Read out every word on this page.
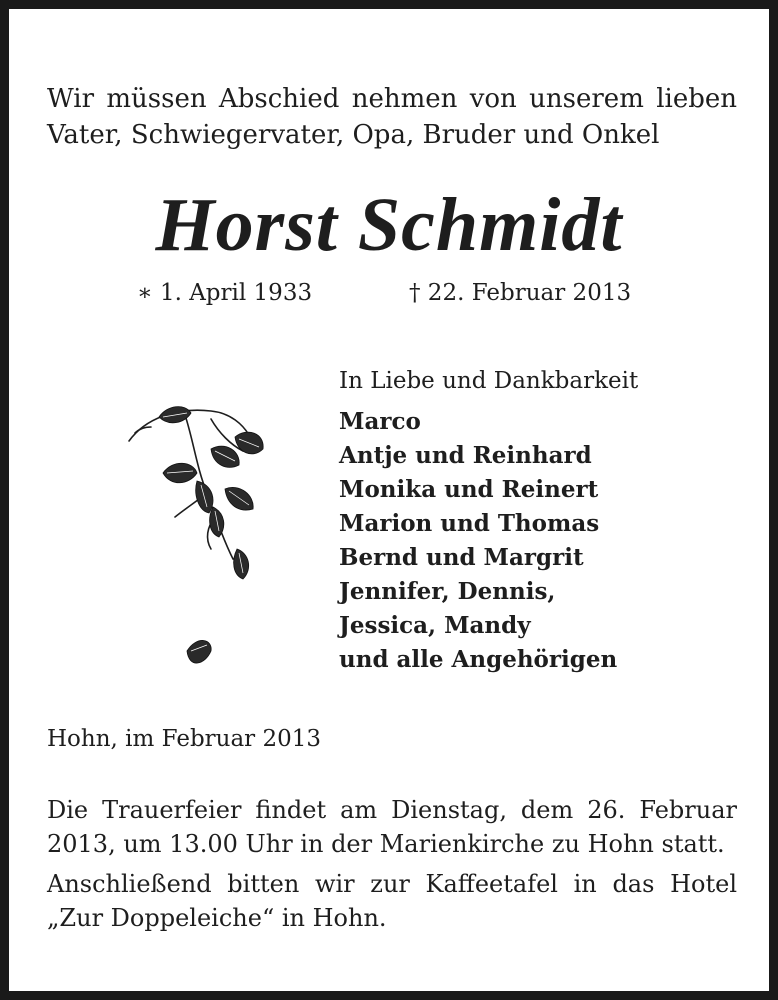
Wir müssen Abschied nehmen von unserem lieben
Vater, Schwiegervater, Opa, Bruder und Onkel
Horst Schmidt
∗ 1. April 1933	† 22. Februar 2013
In Liebe und Dankbarkeit
Marco
Antje und Reinhard
Monika und Reinert
Marion und Thomas
Bernd und Margrit
Jennifer, Dennis,
Jessica, Mandy
und alle Angehörigen
Hohn, im Februar 2013

Die Trauerfeier findet am Dienstag, dem 26. Februar
2013, um 13.00 Uhr in der Marienkirche zu Hohn statt.

Anschließend bitten wir zur Kaffeetafel in das Hotel
„Zur Doppeleiche“ in Hohn.
